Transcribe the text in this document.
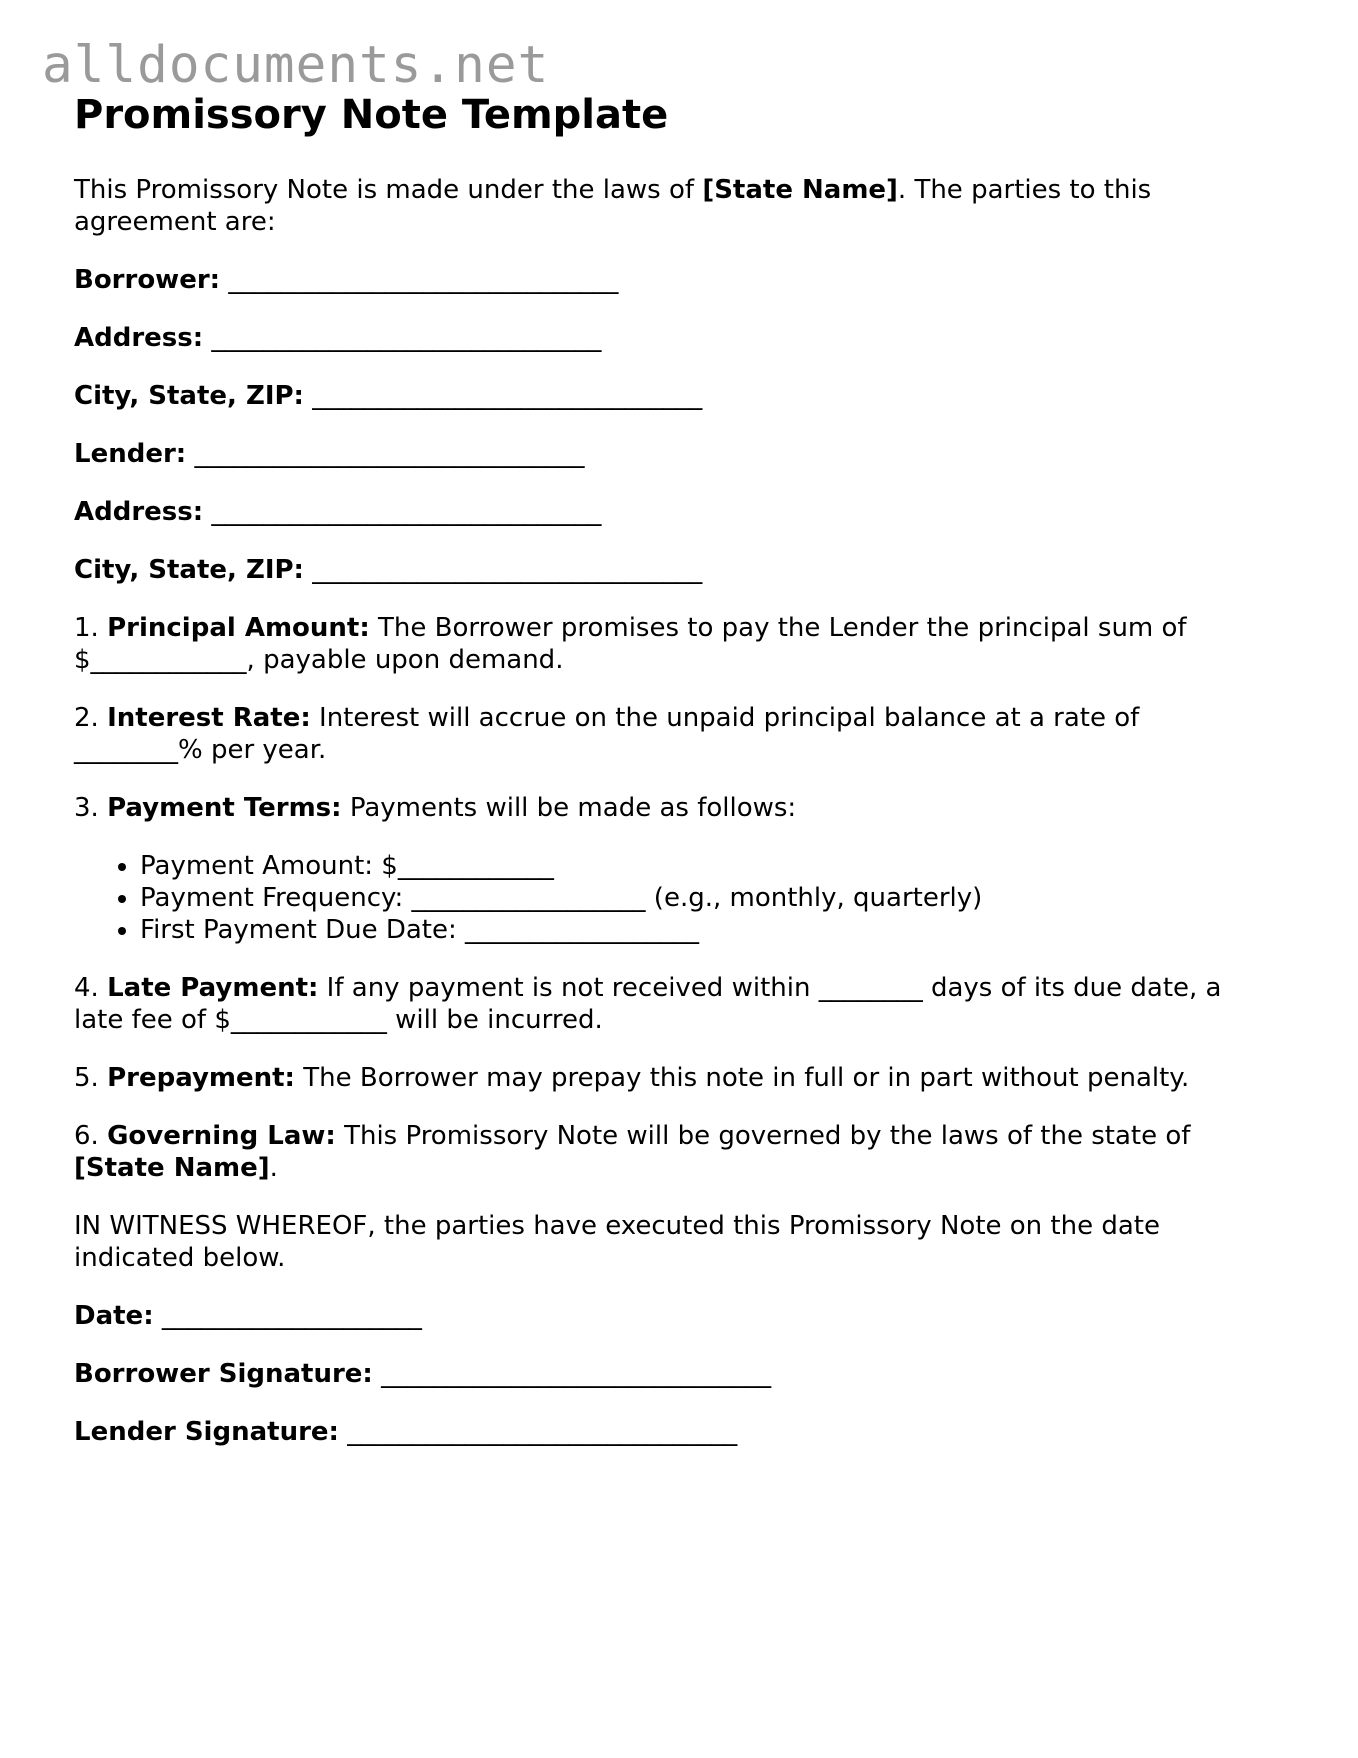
alldocuments.net
Promissory Note Template

This Promissory Note is made under the laws of [State Name]. The parties to this agreement are:

Borrower: ______________________________
Address: ______________________________
City, State, ZIP: ______________________________
Lender: ______________________________
Address: ______________________________
City, State, ZIP: ______________________________

1. Principal Amount: The Borrower promises to pay the Lender the principal sum of $____________, payable upon demand.

2. Interest Rate: Interest will accrue on the unpaid principal balance at a rate of ________% per year.

3. Payment Terms: Payments will be made as follows:

• Payment Amount: $____________
• Payment Frequency: __________________ (e.g., monthly, quarterly)
• First Payment Due Date: __________________

4. Late Payment: If any payment is not received within ________ days of its due date, a late fee of $____________ will be incurred.

5. Prepayment: The Borrower may prepay this note in full or in part without penalty.

6. Governing Law: This Promissory Note will be governed by the laws of the state of [State Name].

IN WITNESS WHEREOF, the parties have executed this Promissory Note on the date indicated below.

Date: ____________________
Borrower Signature: ______________________________
Lender Signature: ______________________________
